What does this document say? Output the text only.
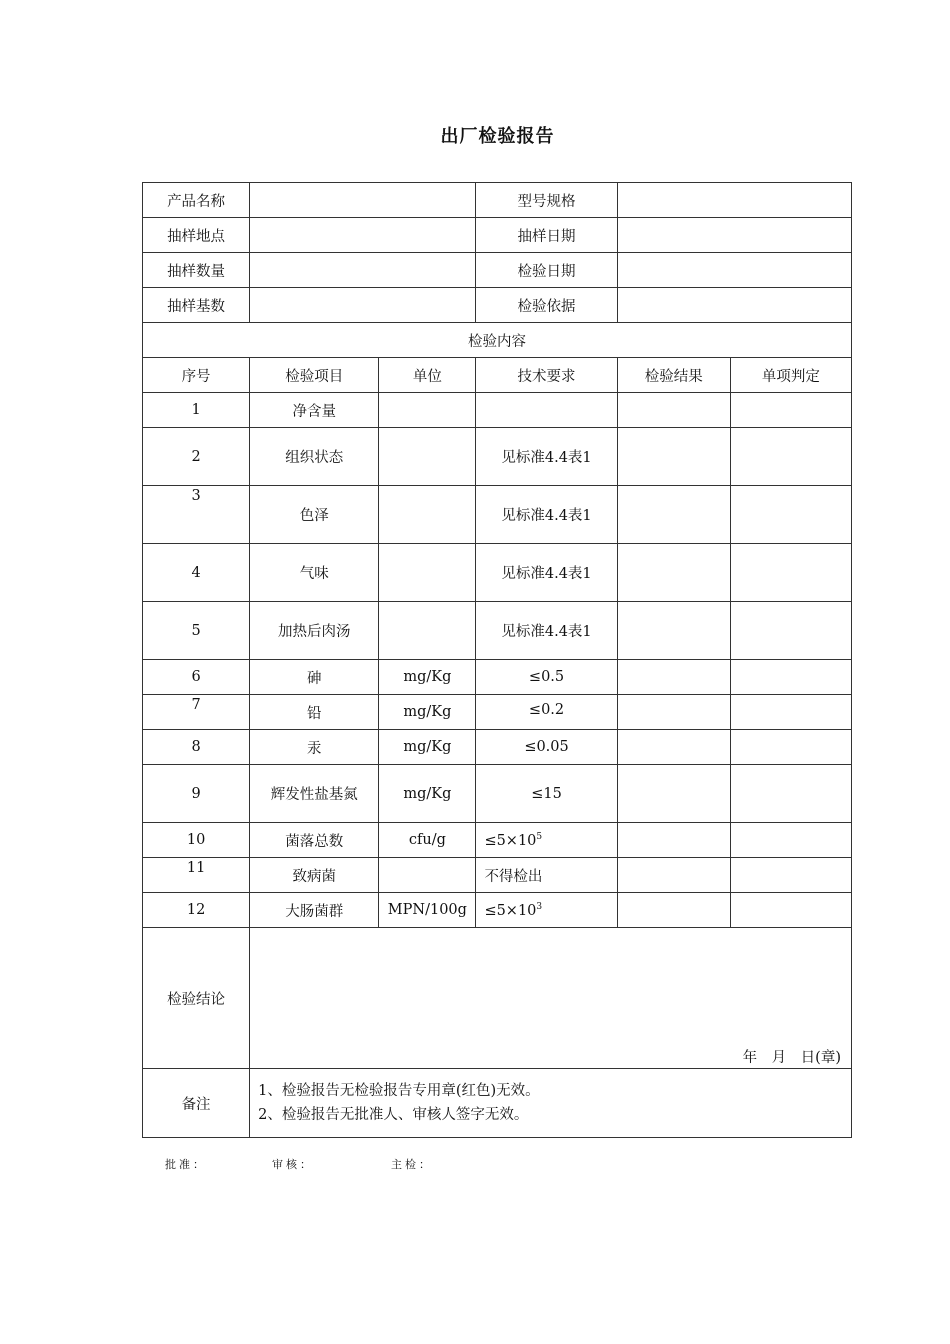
出厂检验报告
产品名称			型号规格		
抽样地点			抽样日期		
抽样数量			检验日期		
抽样基数			检验依据		
检验内容					
序号	检验项目	单位	技术要求	检验结果	单项判定
1	净含量				
2	组织状态		见标准4.4表1		
3	色泽		见标准4.4表1		
4	气味		见标准4.4表1		
5	加热后肉汤		见标准4.4表1		
6	砷	mg/Kg	≤0.5		
7	铅	mg/Kg	≤0.2		
8	汞	mg/Kg	≤0.05		
9	辉发性盐基氮	mg/Kg	≤15		
10	菌落总数	cfu/g	$\le 5\times 10^5$		
11	致病菌		不得检出		
12	大肠菌群	MPN/100g	$\le 5\times 10^3$		
检验结论	年　月　日(章)				

备注	1、检验报告无检验报告专用章(红色)无效。
2、检验报告无批准人、审核人签字无效。				
批准：	审核：	主检：
